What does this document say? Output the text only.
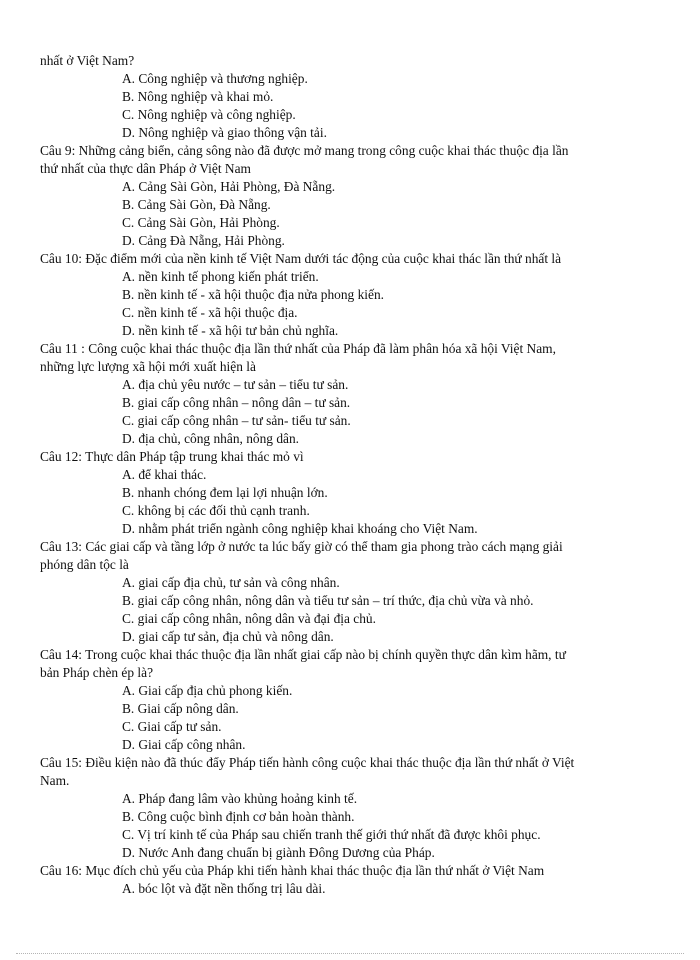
nhất ở Việt Nam?
A. Công nghiệp và thương nghiệp.
B. Nông nghiệp và khai mỏ.
C. Nông nghiệp và công nghiệp.
D. Nông nghiệp và giao thông vận tải.
Câu 9: Những cảng biển, cảng sông nào đã được mở mang trong công cuộc khai thác thuộc địa lần
thứ nhất của thực dân Pháp ở Việt Nam
A. Cảng Sài Gòn, Hải Phòng, Đà Nẵng.
B. Cảng Sài Gòn, Đà Nẵng.
C. Cảng Sài Gòn, Hải Phòng.
D. Cảng Đà Nẵng, Hải Phòng.
Câu 10: Đặc điểm mới của nền kinh tế Việt Nam dưới tác động của cuộc khai thác lần thứ nhất là
A. nền kinh tế phong kiến phát triển.
B. nền kinh tế - xã hội thuộc địa nửa phong kiến.
C. nền kinh tế - xã hội thuộc địa.
D. nền kinh tế - xã hội tư bản chủ nghĩa.
Câu 11 : Công cuộc khai thác thuộc địa lần thứ nhất của Pháp đã làm phân hóa xã hội Việt Nam,
những lực lượng xã hội mới xuất hiện là
A. địa chủ yêu nước – tư sản – tiểu tư sản.
B. giai cấp công nhân – nông dân – tư sản.
C. giai cấp công nhân – tư sản- tiểu tư sản.
D. địa chủ, công nhân, nông dân.
Câu 12: Thực dân Pháp tập trung khai thác mỏ vì
A. để khai thác.
B. nhanh chóng đem lại lợi nhuận lớn.
C. không bị các đối thủ cạnh tranh.
D. nhằm phát triển ngành công nghiệp khai khoáng cho Việt Nam.
Câu 13: Các giai cấp và tầng lớp ở nước ta lúc bấy giờ có thể tham gia phong trào cách mạng giải
phóng dân tộc là
A. giai cấp địa chủ, tư sản và công nhân.
B. giai cấp công nhân, nông dân và tiểu tư sản – trí thức, địa chủ vừa và nhỏ.
C. giai cấp công nhân, nông dân và đại địa chủ.
D. giai cấp tư sản, địa chủ và nông dân.
Câu 14: Trong cuộc khai thác thuộc địa lần nhất giai cấp nào bị chính quyền thực dân kìm hãm, tư
bản Pháp chèn ép là?
A. Giai cấp địa chủ phong kiến.
B. Giai cấp nông dân.
C. Giai cấp tư sản.
D. Giai cấp công nhân.
Câu 15: Điều kiện nào đã thúc đẩy Pháp tiến hành công cuộc khai thác thuộc địa lần thứ nhất ở Việt
Nam.
A. Pháp đang lâm vào khủng hoảng kinh tế.
B. Công cuộc bình định cơ bản hoàn thành.
C. Vị trí kinh tế của Pháp sau chiến tranh thế giới thứ nhất đã được khôi phục.
D. Nước Anh đang chuẩn bị giành Đông Dương của Pháp.
Câu 16: Mục đích chủ yếu của Pháp khi tiến hành khai thác thuộc địa lần thứ nhất ở Việt Nam
A. bóc lột và đặt nền thống trị lâu dài.
